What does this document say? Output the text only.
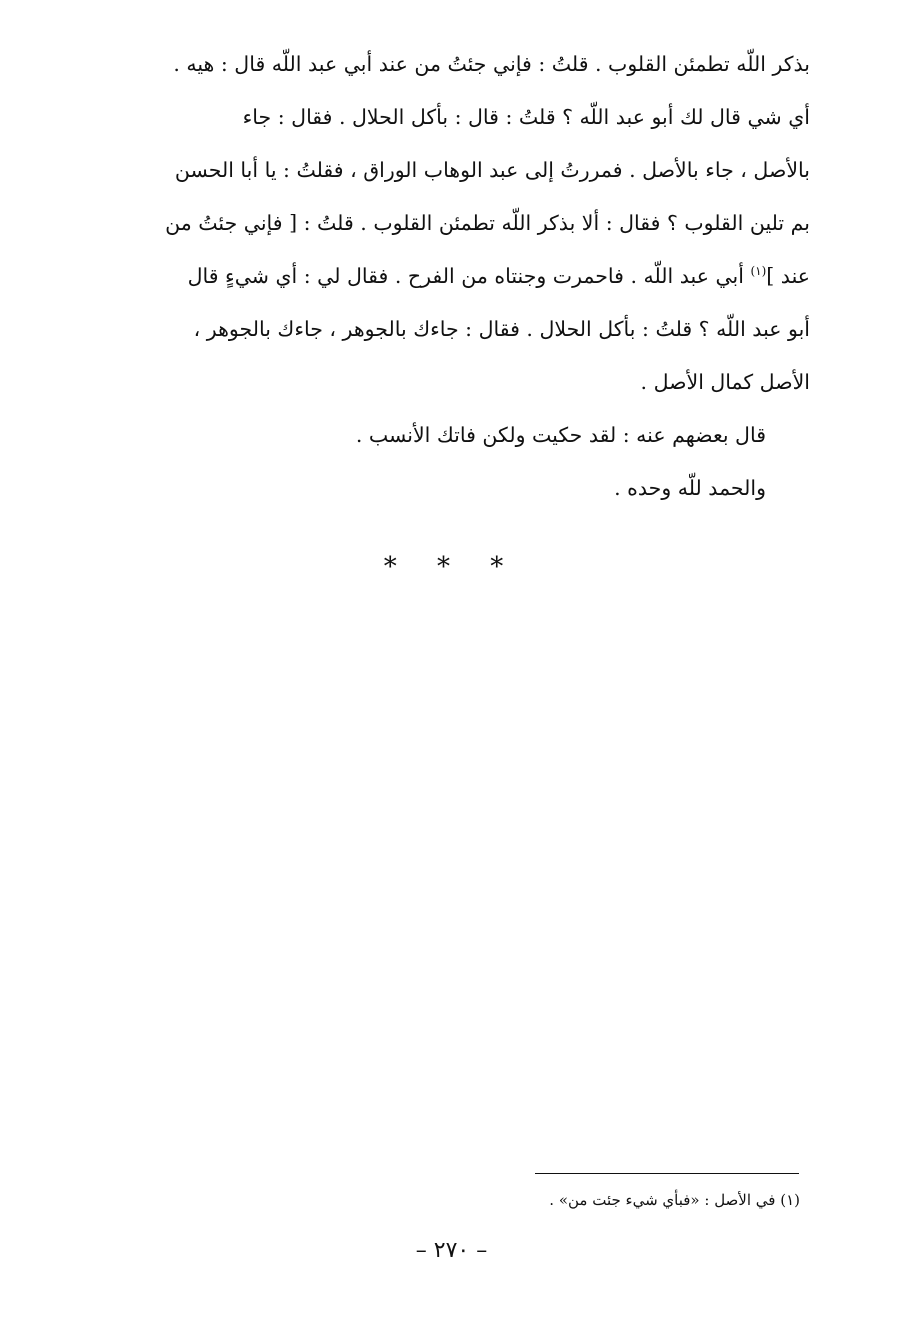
بذكر اللّه تطمئن القلوب . قلتُ : فإني جئتُ من عند أبي عبد اللّه قال : هيه .
أي شي قال لك أبو عبد اللّه ؟ قلتُ : قال : بأكل الحلال . فقال : جاء
بالأصل ، جاء بالأصل . فمررتُ إلى عبد الوهاب الوراق ، فقلتُ : يا أبا الحسن
بم تلين القلوب ؟ فقال : ألا بذكر اللّه تطمئن القلوب . قلتُ : [ فإني جئتُ من
عند ]$^{(١)}$ أبي عبد اللّه . فاحمرت وجنتاه من الفرح . فقال لي : أي شيءٍ قال
أبو عبد اللّه ؟ قلتُ : بأكل الحلال . فقال : جاءك بالجوهر ، جاءك بالجوهر ،
الأصل كمال الأصل .
قال بعضهم عنه : لقد حكيت ولكن فاتك الأنسب .
والحمد للّه وحده .
* * *
(١) في الأصل : «فبأي شيء جئت من» .
– ٢٧٠ –
